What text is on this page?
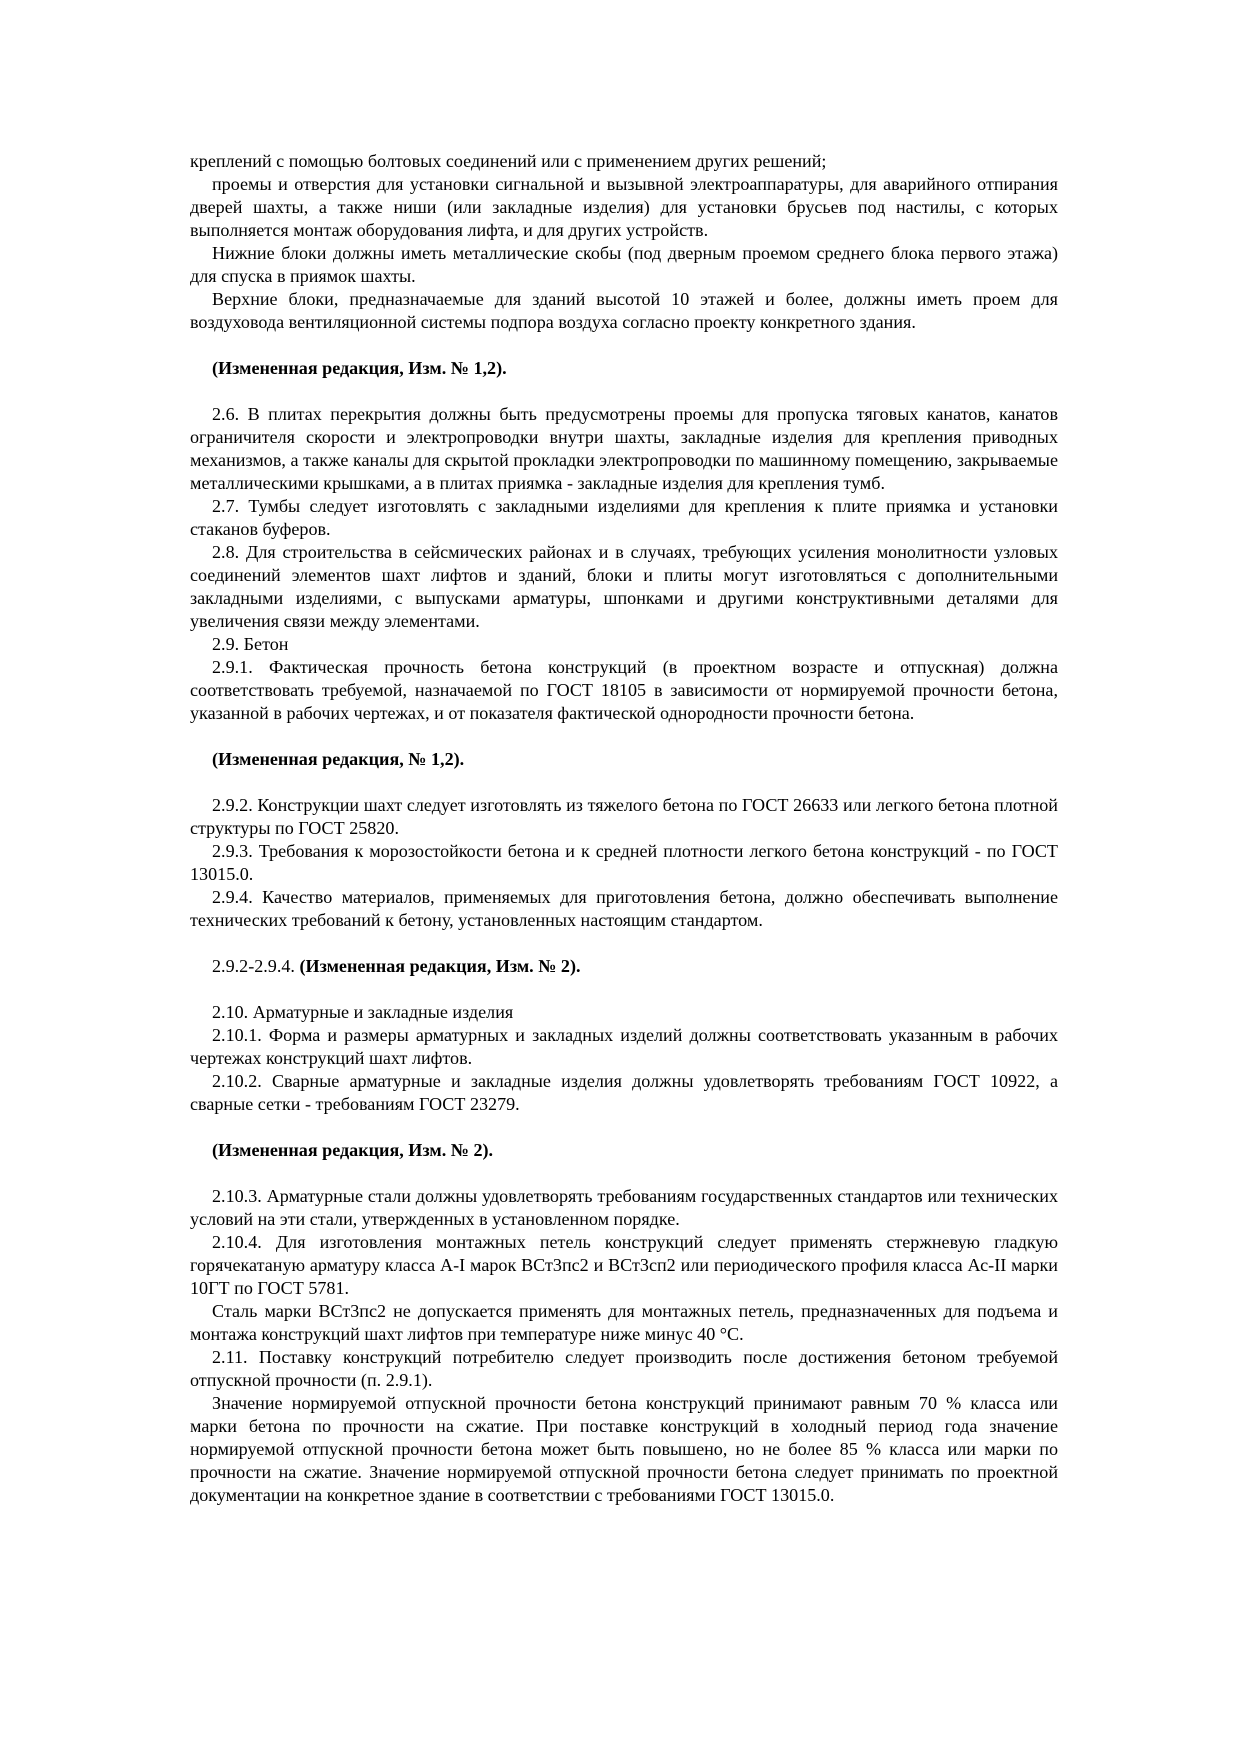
креплений с помощью болтовых соединений или с применением других решений;

проемы и отверстия для установки сигнальной и вызывной электроаппаратуры, для аварийного отпирания дверей шахты, а также ниши (или закладные изделия) для установки брусьев под настилы, с которых выполняется монтаж оборудования лифта, и для других устройств.

Нижние блоки должны иметь металлические скобы (под дверным проемом среднего блока первого этажа) для спуска в приямок шахты.

Верхние блоки, предназначаемые для зданий высотой 10 этажей и более, должны иметь проем для воздуховода вентиляционной системы подпора воздуха согласно проекту конкретного здания.

(Измененная редакция, Изм. № 1,2).

2.6. В плитах перекрытия должны быть предусмотрены проемы для пропуска тяговых канатов, канатов ограничителя скорости и электропроводки внутри шахты, закладные изделия для крепления приводных механизмов, а также каналы для скрытой прокладки электропроводки по машинному помещению, закрываемые металлическими крышками, а в плитах приямка - закладные изделия для крепления тумб.

2.7. Тумбы следует изготовлять с закладными изделиями для крепления к плите приямка и установки стаканов буферов.

2.8. Для строительства в сейсмических районах и в случаях, требующих усиления монолитности узловых соединений элементов шахт лифтов и зданий, блоки и плиты могут изготовляться с дополнительными закладными изделиями, с выпусками арматуры, шпонками и другими конструктивными деталями для увеличения связи между элементами.

2.9. Бетон

2.9.1. Фактическая прочность бетона конструкций (в проектном возрасте и отпускная) должна соответствовать требуемой, назначаемой по ГОСТ 18105 в зависимости от нормируемой прочности бетона, указанной в рабочих чертежах, и от показателя фактической однородности прочности бетона.

(Измененная редакция, № 1,2).

2.9.2. Конструкции шахт следует изготовлять из тяжелого бетона по ГОСТ 26633 или легкого бетона плотной структуры по ГОСТ 25820.

2.9.3. Требования к морозостойкости бетона и к средней плотности легкого бетона конструкций - по ГОСТ 13015.0.

2.9.4. Качество материалов, применяемых для приготовления бетона, должно обеспечивать выполнение технических требований к бетону, установленных настоящим стандартом.

2.9.2-2.9.4. (Измененная редакция, Изм. № 2).

2.10. Арматурные и закладные изделия

2.10.1. Форма и размеры арматурных и закладных изделий должны соответствовать указанным в рабочих чертежах конструкций шахт лифтов.

2.10.2. Сварные арматурные и закладные изделия должны удовлетворять требованиям ГОСТ 10922, а сварные сетки - требованиям ГОСТ 23279.

(Измененная редакция, Изм. № 2).

2.10.3. Арматурные стали должны удовлетворять требованиям государственных стандартов или технических условий на эти стали, утвержденных в установленном порядке.

2.10.4. Для изготовления монтажных петель конструкций следует применять стержневую гладкую горячекатаную арматуру класса А-I марок ВСт3пс2 и ВСт3сп2 или периодического профиля класса Ас-II марки 10ГТ по ГОСТ 5781.

Сталь марки ВСт3пс2 не допускается применять для монтажных петель, предназначенных для подъема и монтажа конструкций шахт лифтов при температуре ниже минус 40 °С.

2.11. Поставку конструкций потребителю следует производить после достижения бетоном требуемой отпускной прочности (п. 2.9.1).

Значение нормируемой отпускной прочности бетона конструкций принимают равным 70 % класса или марки бетона по прочности на сжатие. При поставке конструкций в холодный период года значение нормируемой отпускной прочности бетона может быть повышено, но не более 85 % класса или марки по прочности на сжатие. Значение нормируемой отпускной прочности бетона следует принимать по проектной документации на конкретное здание в соответствии с требованиями ГОСТ 13015.0.
